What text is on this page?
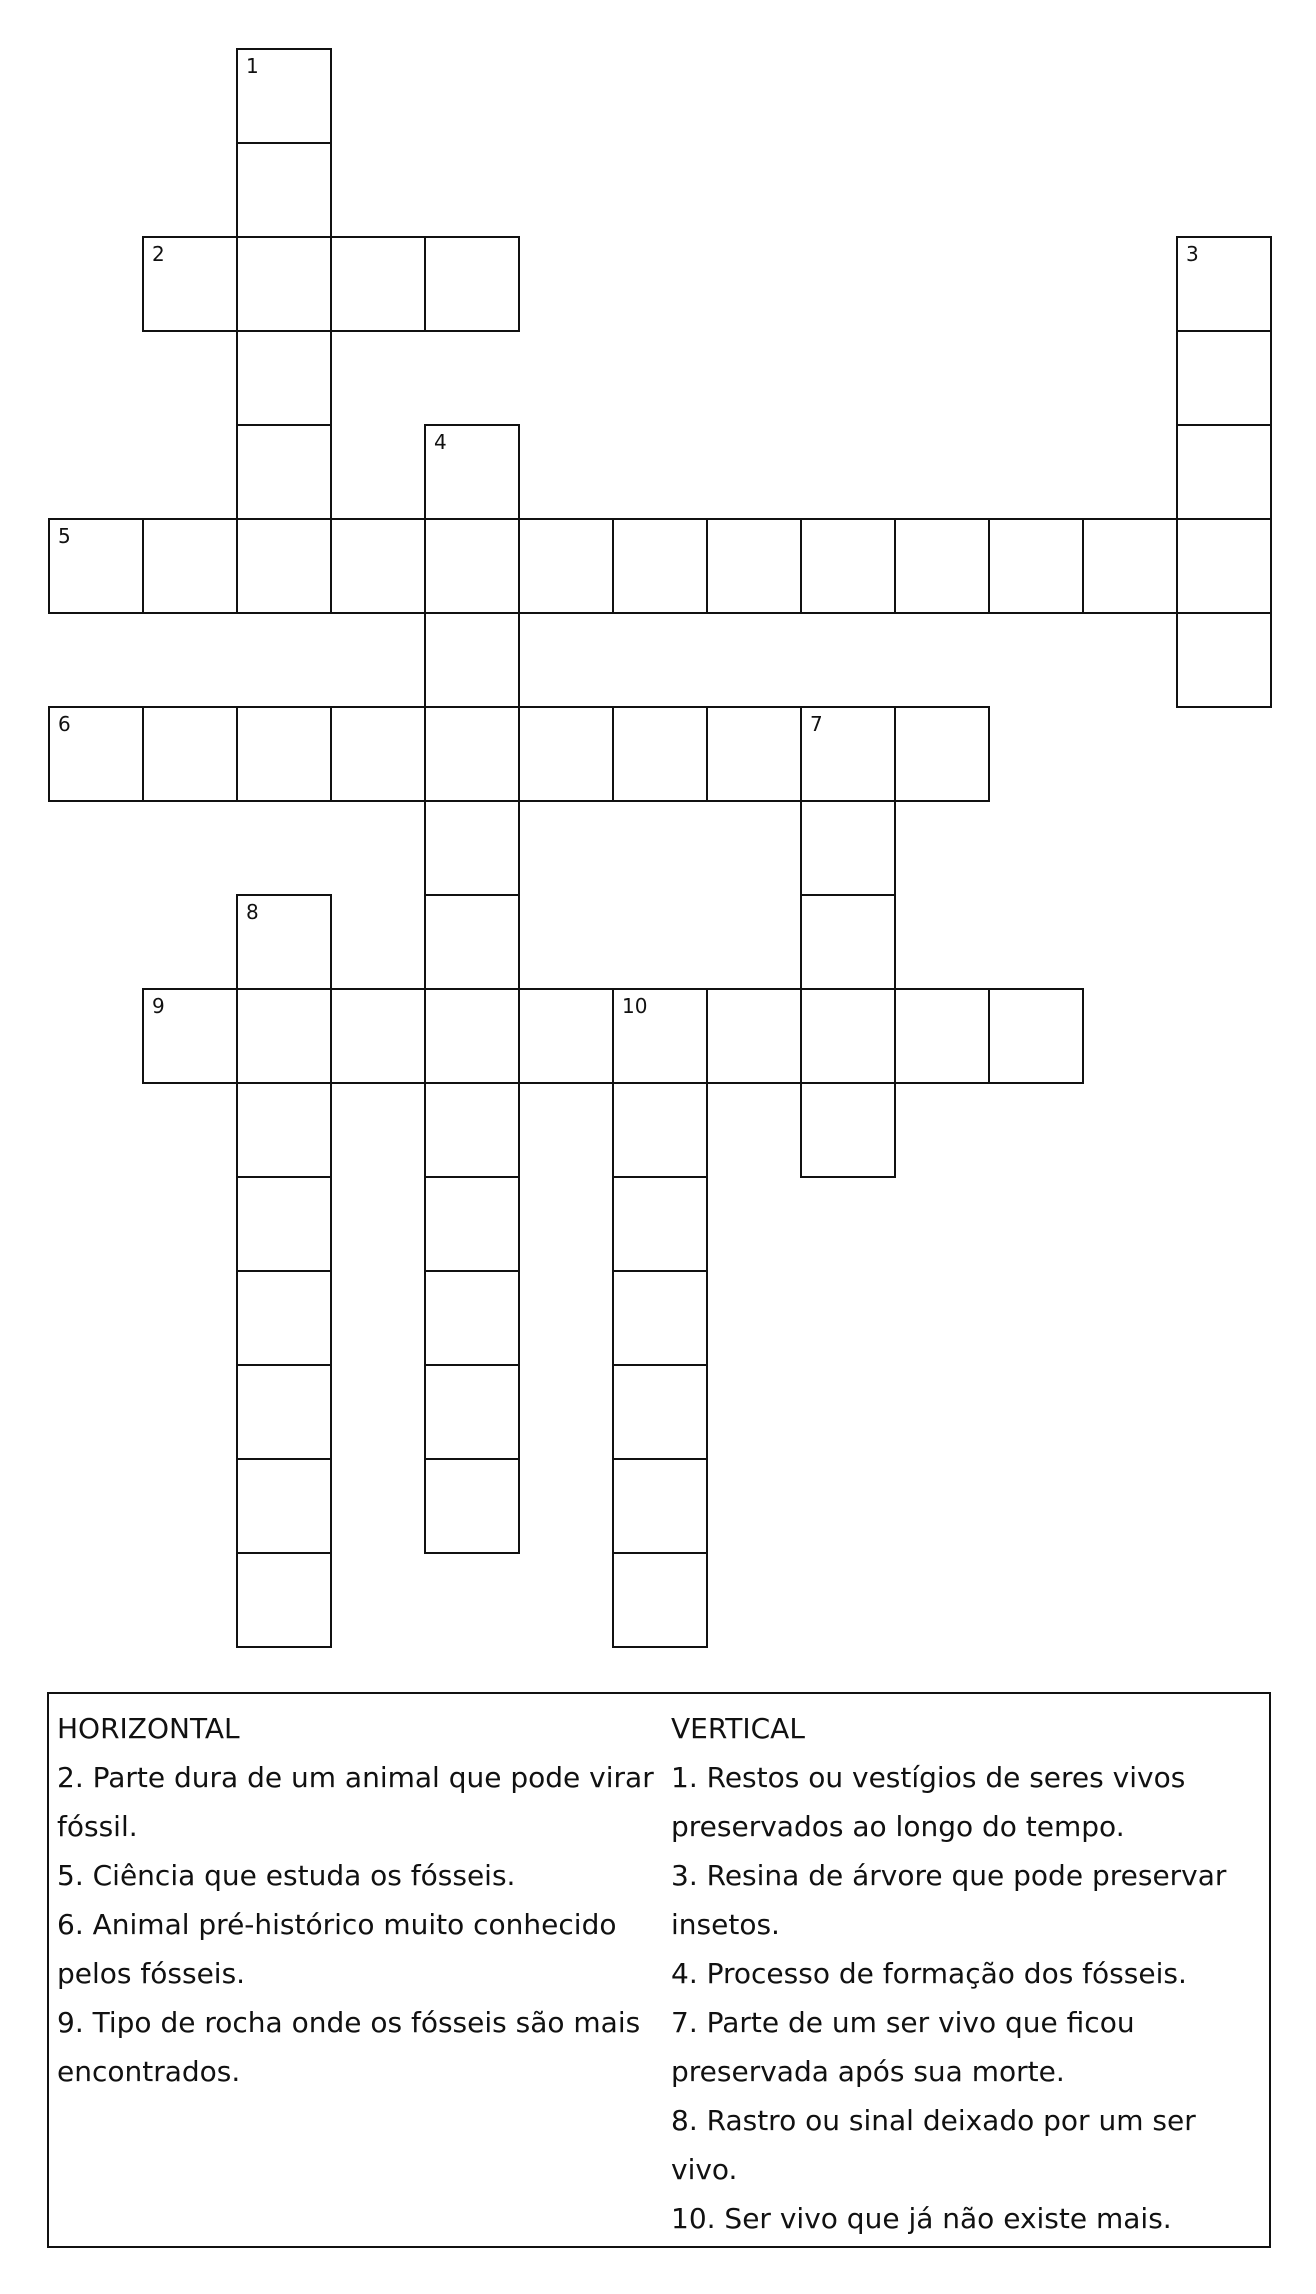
1
2	3
4
5
6	7
8
9	10
HORIZONTAL
2. Parte dura de um animal que pode virar
fóssil.
5. Ciência que estuda os fósseis.
6. Animal pré-histórico muito conhecido
pelos fósseis.
9. Tipo de rocha onde os fósseis são mais
encontrados.
VERTICAL
1. Restos ou vestígios de seres vivos
preservados ao longo do tempo.
3. Resina de árvore que pode preservar
insetos.
4. Processo de formação dos fósseis.
7. Parte de um ser vivo que ficou
preservada após sua morte.
8. Rastro ou sinal deixado por um ser vivo.
10. Ser vivo que já não existe mais.
